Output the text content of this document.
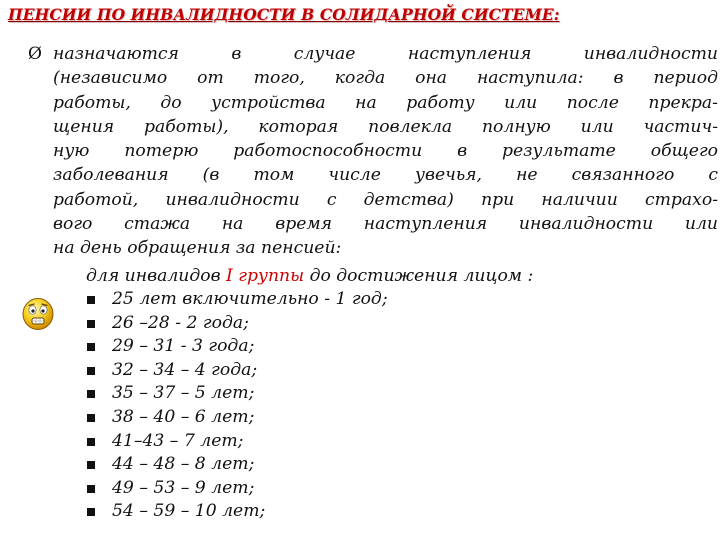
ПЕНСИИ ПО ИНВАЛИДНОСТИ В СОЛИДАРНОЙ СИСТЕМЕ:
Ø назначаются в случае наступления инвалидности
(независимо от того, когда она наступила: в период
работы, до устройства на работу или после прекра-
щения работы), которая повлекла полную или частич-
ную потерю работоспособности в результате общего
заболевания (в том числе увечья, не связанного с
работой, инвалидности с детства) при наличии страхо-
вого стажа на время наступления инвалидности или
на день обращения за пенсией:
для инвалидов I группы до достижения лицом :
25 лет включительно - 1 год;
26 –28 - 2 года;
29 – 31 - 3 года;
32 – 34 – 4 года;
35 – 37 – 5 лет;
38 – 40 – 6 лет;
41–43 – 7 лет;
44 – 48 – 8 лет;
49 – 53 – 9 лет;
54 – 59 – 10 лет;
